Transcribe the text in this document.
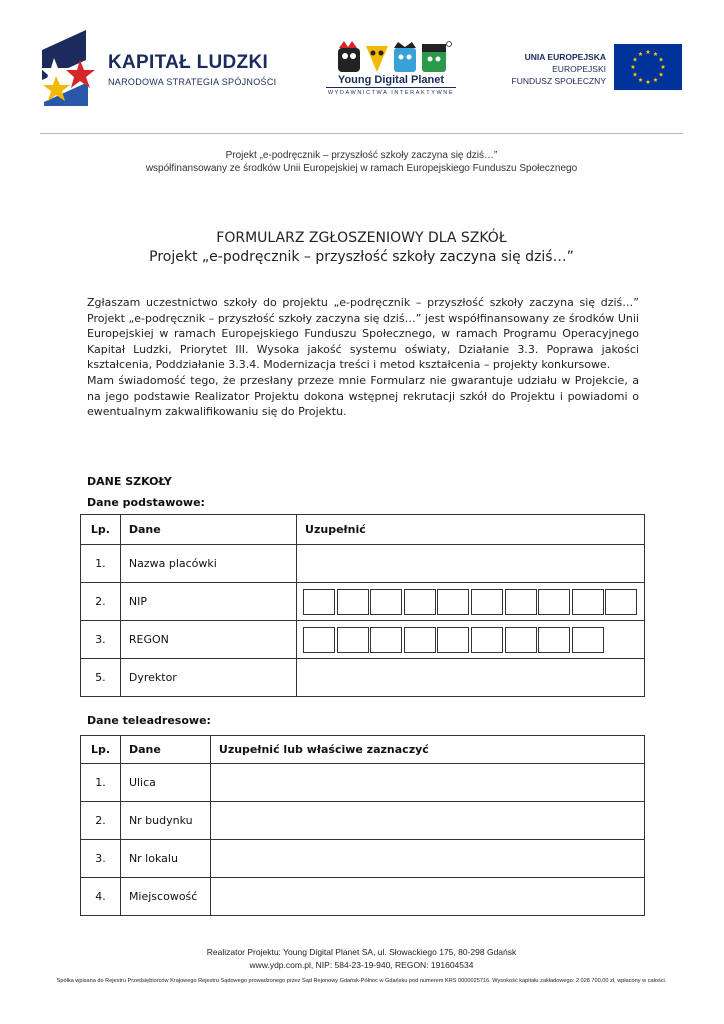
KAPITAŁ LUDZKI
NARODOWA STRATEGIA SPÓJNOŚCI	Young Digital Planet
WYDAWNICTWA INTERAKTYWNE
UNIA EUROPEJSKA
EUROPEJSKI
FUNDUSZ SPOŁECZNY
Projekt „e-podręcznik – przyszłość szkoły zaczyna się dziś…”
współfinansowany ze środków Unii Europejskiej w ramach Europejskiego Funduszu Społecznego
FORMULARZ ZGŁOSZENIOWY DLA SZKÓŁ
Projekt „e-podręcznik – przyszłość szkoły zaczyna się dziś…”

Zgłaszam uczestnictwo szkoły do projektu „e-podręcznik – przyszłość szkoły zaczyna się dziś…” Projekt „e-podręcznik – przyszłość szkoły zaczyna się dziś…” jest współfinansowany ze środków Unii Europejskiej w ramach Europejskiego Funduszu Społecznego, w ramach Programu Operacyjnego Kapitał Ludzki, Priorytet III. Wysoka jakość systemu oświaty, Działanie 3.3. Poprawa jakości kształcenia, Poddziałanie 3.3.4. Modernizacja treści i metod kształcenia – projekty konkursowe.

Mam świadomość tego, że przesłany przeze mnie Formularz nie gwarantuje udziału w Projekcie, a na jego podstawie Realizator Projektu dokona wstępnej rekrutacji szkół do Projektu i powiadomi o ewentualnym zakwalifikowaniu się do Projektu.

DANE SZKOŁY
Dane podstawowe:
Lp.	Dane	Uzupełnić
1.	Nazwa placówki	
2.	NIP	

3.	REGON	

5.	Dyrektor	
Dane teleadresowe:
Lp.	Dane	Uzupełnić lub właściwe zaznaczyć
1.	Ulica	
2.	Nr budynku	
3.	Nr lokalu	
4.	Miejscowość	
Realizator Projektu: Young Digital Planet SA, ul. Słowackiego 175, 80-298 Gdańsk
www.ydp.com.pl, NIP: 584-23-19-940, REGON: 191604534
Spółka wpisana do Rejestru Przedsiębiorców Krajowego Rejestru Sądowego prowadzonego przez Sąd Rejonowy Gdańsk-Północ w Gdańsku pod numerem KRS 0000025716. Wysokość kapitału zakładowego: 2 028 700,00 zł, wpłacony w całości.
